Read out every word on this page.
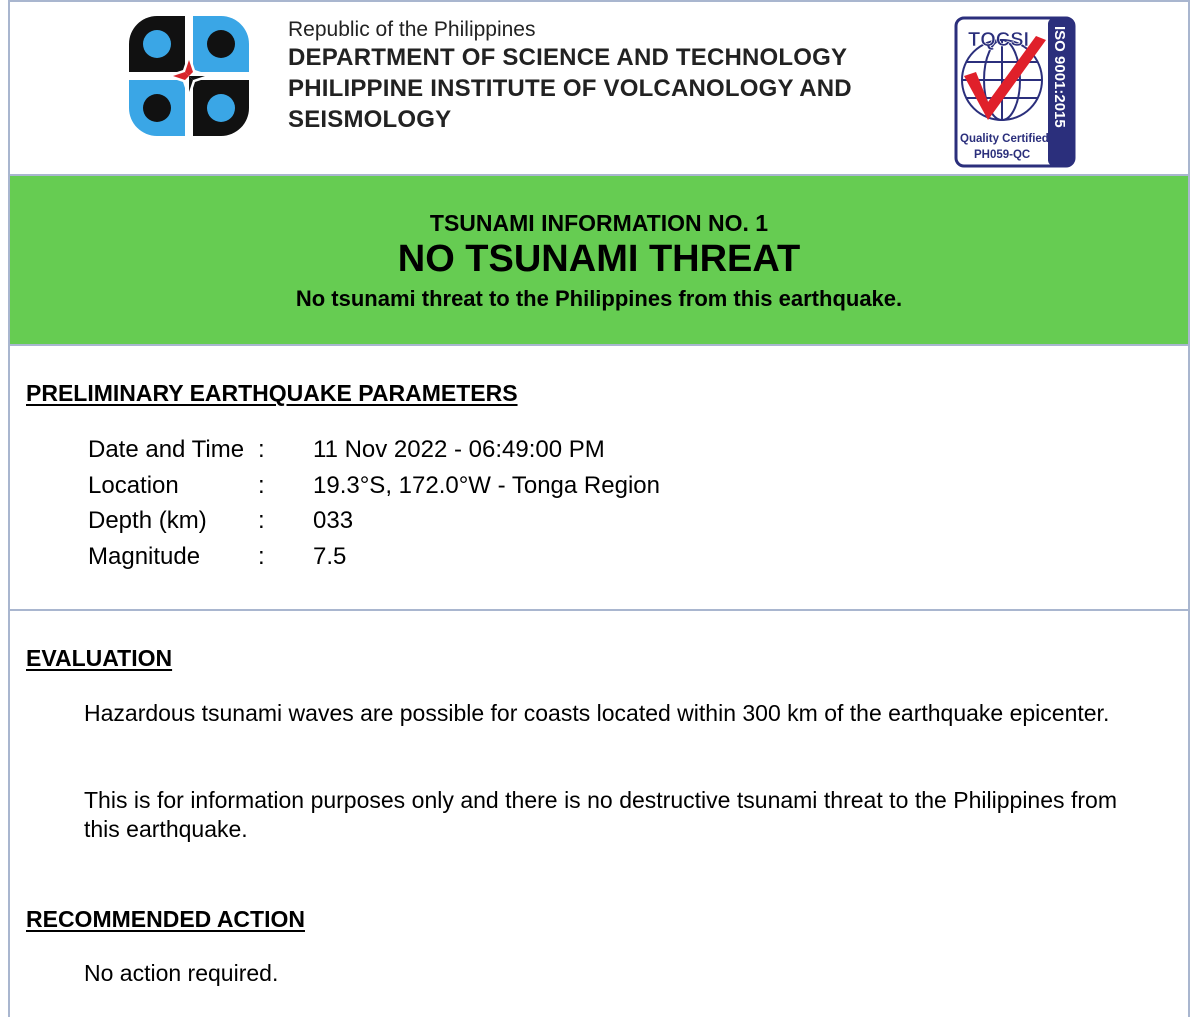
Republic of the Philippines
DEPARTMENT OF SCIENCE AND TECHNOLOGY
PHILIPPINE INSTITUTE OF VOLCANOLOGY AND
SEISMOLOGY
TQCSI
Quality Certified
PH059-QC
ISO 9001:2015
TSUNAMI INFORMATION NO. 1
NO TSUNAMI THREAT
No tsunami threat to the Philippines from this earthquake.
PRELIMINARY EARTHQUAKE PARAMETERS
Date and Time : 11 Nov 2022 - 06:49:00 PM
Location	: 19.3°S, 172.0°W - Tonga Region
Depth (km) : 033
Magnitude : 7.5
EVALUATION
Hazardous tsunami waves are possible for coasts located within 300 km of the earthquake epicenter.
This is for information purposes only and there is no destructive tsunami threat to the Philippines from this earthquake.
RECOMMENDED ACTION
No action required.
